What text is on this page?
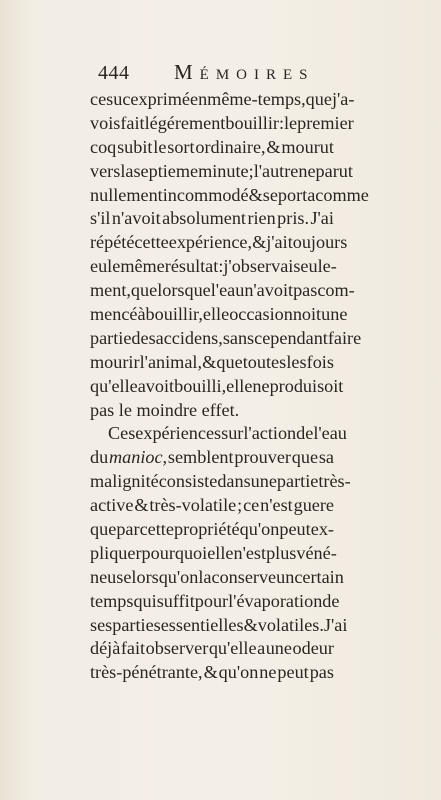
444 Mémoires
ce suc exprimé en même-temps, que j'a-
vois fait légérement bouillir : le premier
coq subit le sort ordinaire, & mourut
vers la septieme minute ; l'autre ne parut
nullement incommodé & se porta comme
s'il n'avoit absolument rien pris. J'ai
répété cette expérience, & j'ai toujours
eu le même résultat : j'observai seule-
ment, que lorsque l'eau n'avoit pas com-
mencé à bouillir, elle occasionnoit une
partie des accidens, sans cependant faire
mourir l'animal, & que toutes les fois
qu'elle avoit bouilli, elle ne produisoit
pas le moindre effet.
Ces expériences sur l'action de l'eau
du manioc, semblent prouver que sa
malignité consiste dans une partie très-
active & très-volatile ; ce n'est guere
que par cette propriété qu'on peut ex-
pliquer pourquoi elle n'est plus véné-
neuse lorsqu'on la conserve un certain
temps qui suffit pour l'évaporation de
ses parties essentielles & volatiles. J'ai
déjà fait observer qu'elle a une odeur
très-pénétrante, & qu'on ne peut pas
